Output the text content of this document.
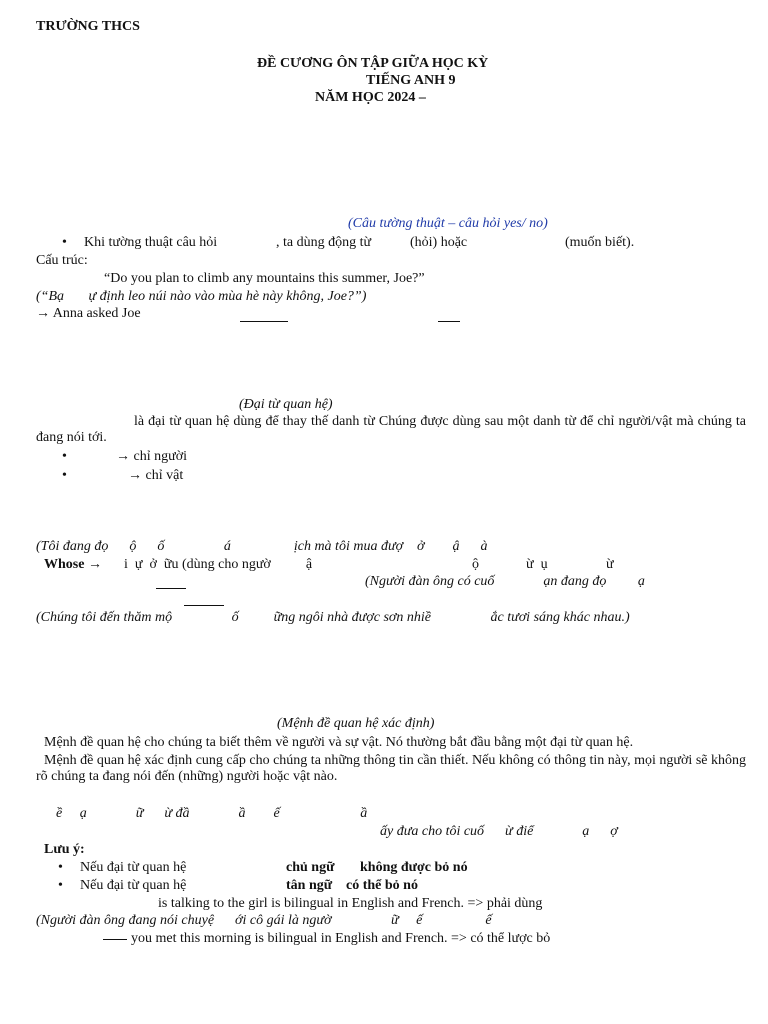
TRƯỜNG THCS
ĐỀ CƯƠNG ÔN TẬP GIỮA HỌC KỲ
TIẾNG ANH 9
NĂM HỌC 2024 –
(Câu tường thuật – câu hỏi yes/ no)
• Khi tường thuật câu hỏi	, ta dùng động từ	(hỏi) hoặc	(muốn biết).
Cấu trúc:
“Do you plan to climb any mountains this summer, Joe?”
(“Bạ       ự định leo núi nào vào mùa hè này không, Joe?”)
→ Anna asked Joe
(Đại từ quan hệ)
là đại từ quan hệ dùng để thay thế danh từ Chúng được dùng sau một danh từ để chỉ người/vật mà chúng ta đang nói tới.
• → chỉ người
• → chỉ vật
(Tôi đang đọ      ộ      ố                 á                  ịch mà tôi mua đượ    ở        ậ      à
Whose → i  ự  ở  ữu (dùng cho ngườ          ậ	ộ	ừ  ụ	ừ
(Người đàn ông có cuố              ạn đang đọ         ạ
(Chúng tôi đến thăm mộ                 ố          ững ngôi nhà được sơn nhiề                 ắc tươi sáng khác nhau.)
(Mệnh đề quan hệ xác định)
Mệnh đề quan hệ cho chúng ta biết thêm về người và sự vật. Nó thường bắt đầu bằng một đại từ quan hệ.
Mệnh đề quan hệ xác định cung cấp cho chúng ta những thông tin cần thiết. Nếu không có thông tin này, mọi người sẽ không rõ chúng ta đang nói đến (những) người hoặc vật nào.
ề     ạ              ữ      ừ đầ              ầ        ế                       ầ
ấy đưa cho tôi cuố      ừ điể              ạ      ợ
Lưu ý:
• Nếu đại từ quan hệ	chủ ngữ không được bỏ nó
• Nếu đại từ quan hệ	tân ngữ có thể bỏ nó
is talking to the girl is bilingual in English and French. => phải dùng
(Người đàn ông đang nói chuyệ      ới cô gái là ngườ                 ữ     ế                  ế
you met this morning is bilingual in English and French. => có thể lược bỏ
